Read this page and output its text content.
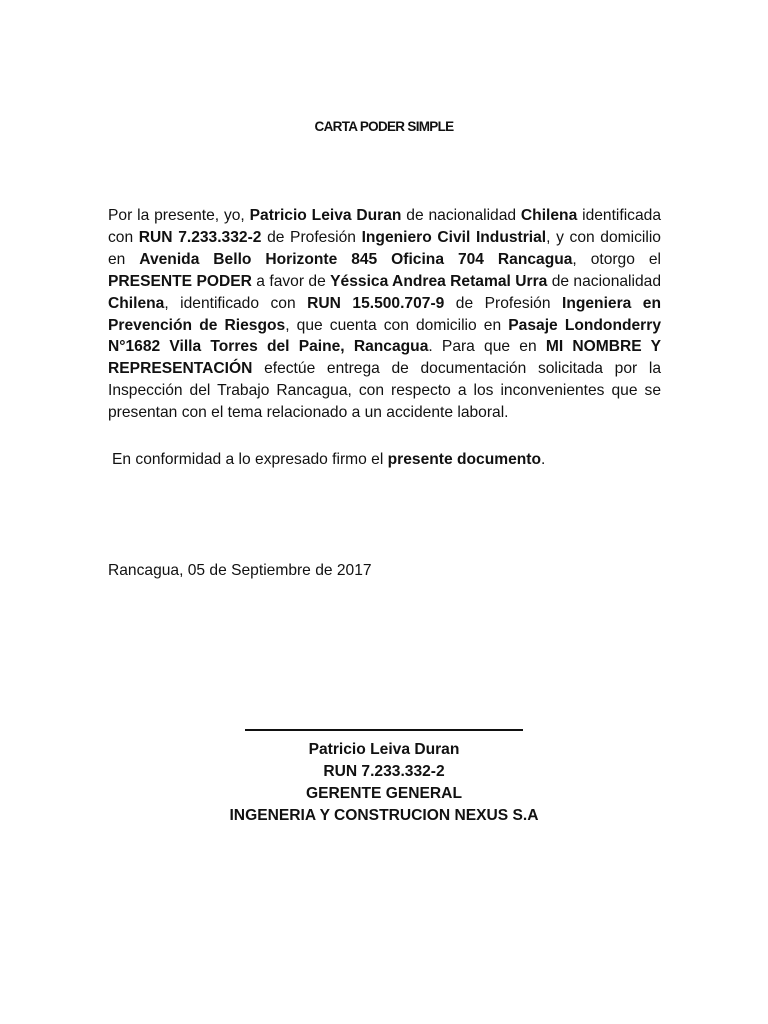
CARTA PODER SIMPLE

Por la presente, yo, Patricio Leiva Duran de nacionalidad Chilena identificada con RUN 7.233.332-2 de Profesión Ingeniero Civil Industrial, y con domicilio en Avenida Bello Horizonte 845 Oficina 704 Rancagua, otorgo el PRESENTE PODER a favor de Yéssica Andrea Retamal Urra de nacionalidad Chilena, identificado con RUN 15.500.707-9 de Profesión Ingeniera en Prevención de Riesgos, que cuenta con domicilio en Pasaje Londonderry N°1682 Villa Torres del Paine, Rancagua. Para que en MI NOMBRE Y REPRESENTACIÓN efectúe entrega de documentación solicitada por la Inspección del Trabajo Rancagua, con respecto a los inconvenientes que se presentan con el tema relacionado a un accidente laboral.

En conformidad a lo expresado firmo el presente documento.

Rancagua, 05 de Septiembre de 2017

Patricio Leiva Duran
RUN 7.233.332-2
GERENTE GENERAL
INGENERIA Y CONSTRUCION NEXUS S.A
